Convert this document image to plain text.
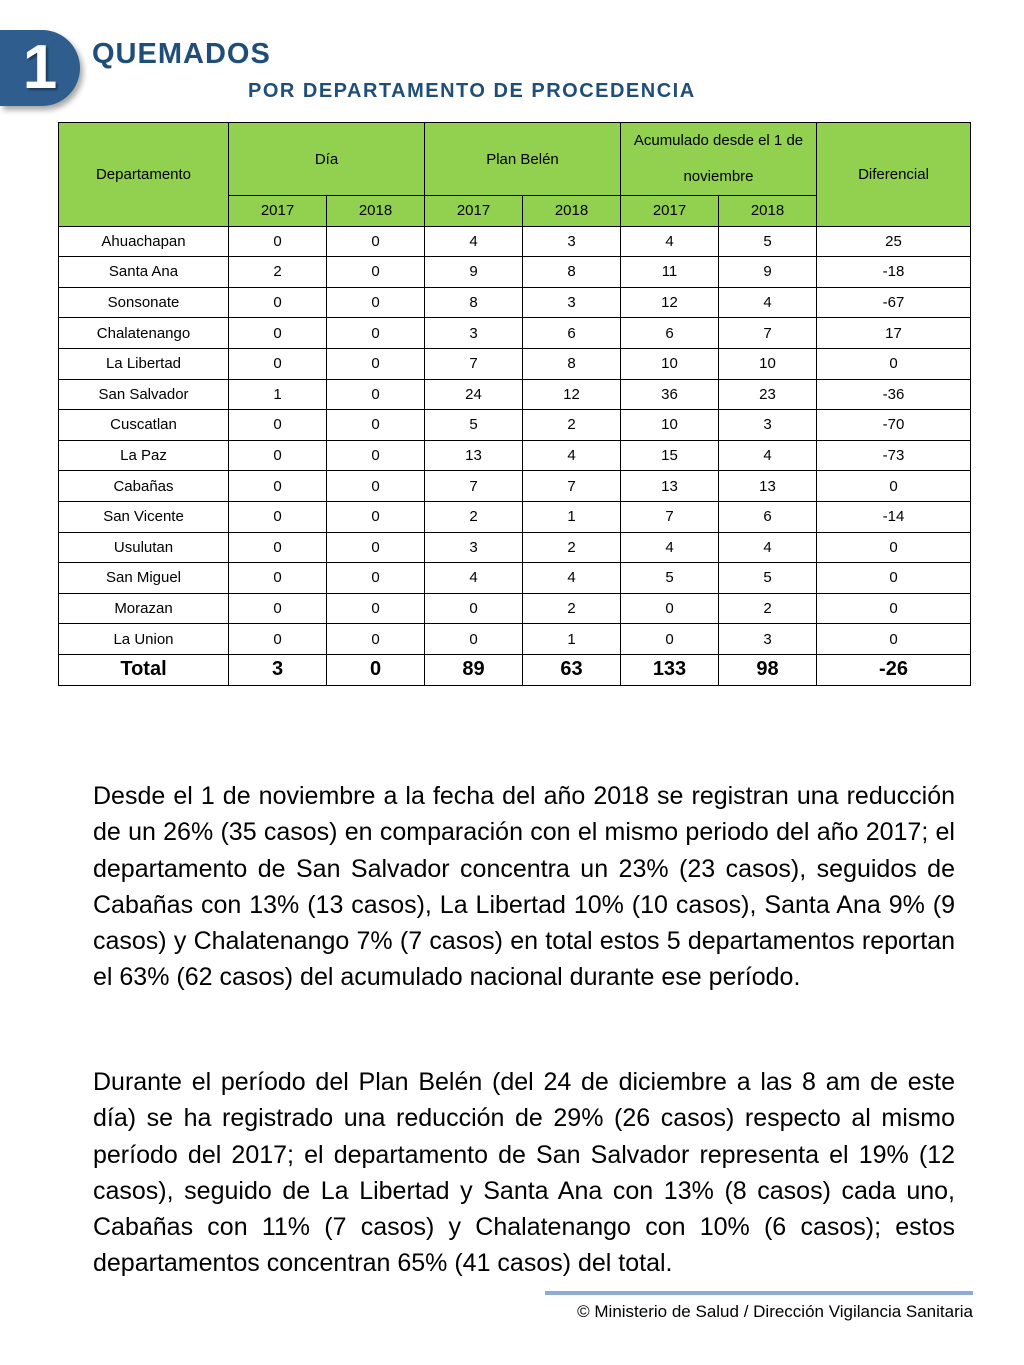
1	QUEMADOS
POR DEPARTAMENTO DE PROCEDENCIA
Departamento	Día		Plan Belén		Acumulado desde el 1 de noviembre		Diferencial
	2017	2018	2017	2018	2017	2018	
Ahuachapan	0	0	4	3	4	5	25
Santa Ana	2	0	9	8	11	9	-18
Sonsonate	0	0	8	3	12	4	-67
Chalatenango	0	0	3	6	6	7	17
La Libertad	0	0	7	8	10	10	0
San Salvador	1	0	24	12	36	23	-36
Cuscatlan	0	0	5	2	10	3	-70
La Paz	0	0	13	4	15	4	-73
Cabañas	0	0	7	7	13	13	0
San Vicente	0	0	2	1	7	6	-14
Usulutan	0	0	3	2	4	4	0
San Miguel	0	0	4	4	5	5	0
Morazan	0	0	0	2	0	2	0
La Union	0	0	0	1	0	3	0
Total	3	0	89	63	133	98	-26

Desde el 1 de noviembre a la fecha del año 2018 se registran una reducción de un 26% (35 casos) en comparación con el mismo periodo del año 2017; el departamento de San Salvador concentra un 23% (23 casos), seguidos de Cabañas con 13% (13 casos), La Libertad 10% (10 casos), Santa Ana 9% (9 casos) y Chalatenango 7% (7 casos) en total estos 5 departamentos reportan el 63% (62 casos) del acumulado nacional durante ese período.

Durante el período del Plan Belén (del 24 de diciembre a las 8 am de este día) se ha registrado una reducción de 29% (26 casos) respecto al mismo período del 2017; el departamento de San Salvador representa el 19% (12 casos), seguido de La Libertad y Santa Ana con 13% (8 casos) cada uno, Cabañas con 11% (7 casos) y Chalatenango con 10% (6 casos); estos departamentos concentran 65% (41 casos) del total.

© Ministerio de Salud / Dirección Vigilancia Sanitaria
